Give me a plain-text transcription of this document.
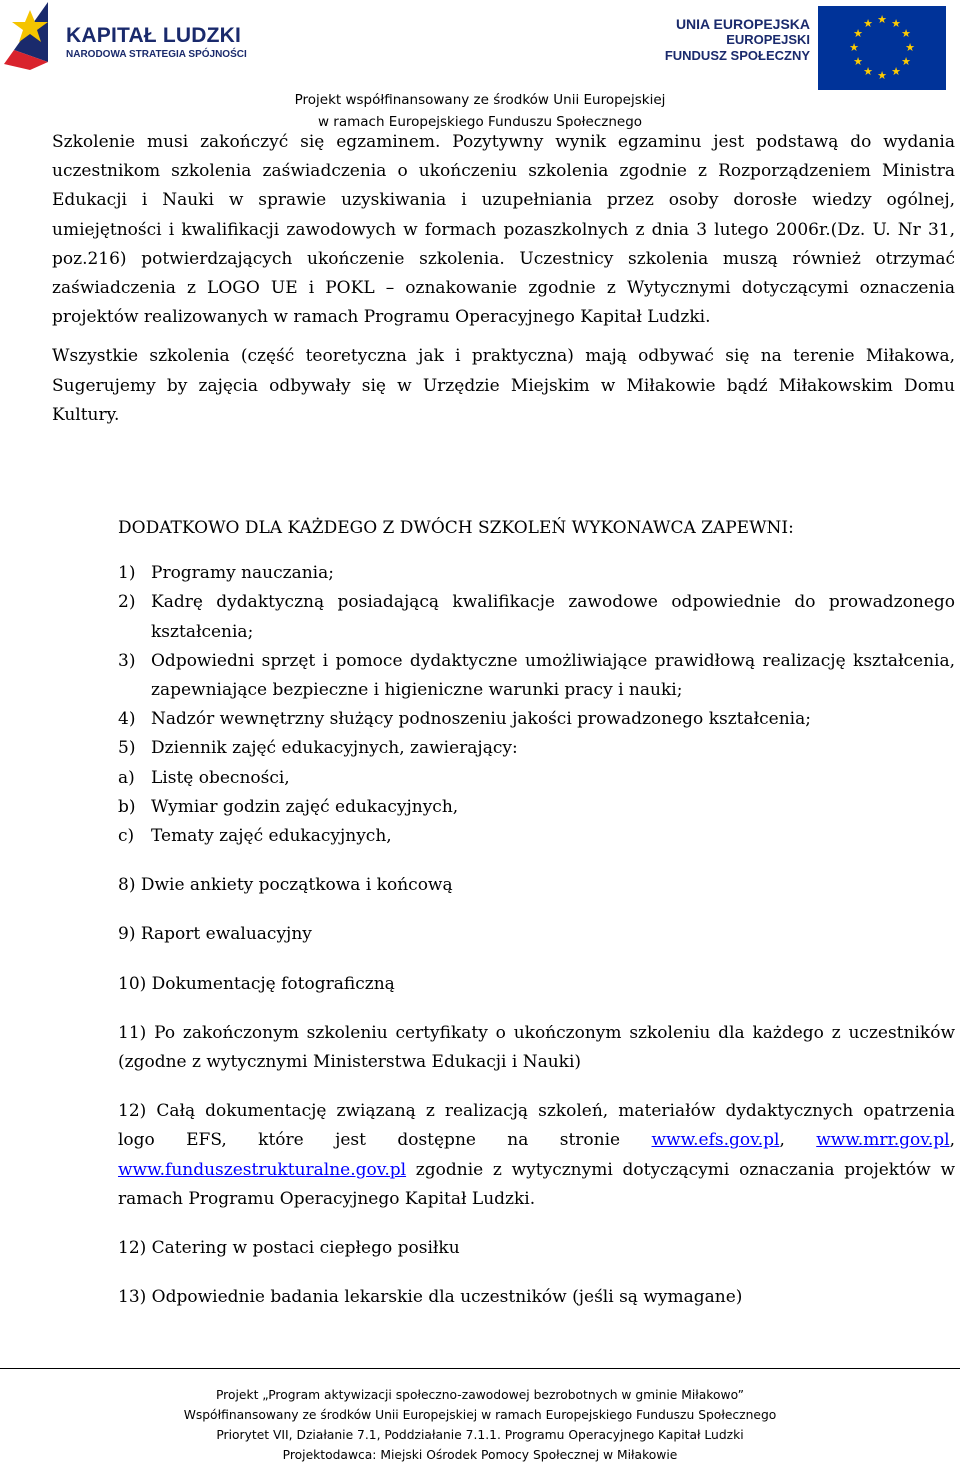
KAPITAŁ LUDZKI
NARODOWA STRATEGIA SPÓJNOŚCI
UNIA EUROPEJSKA
EUROPEJSKI
FUNDUSZ SPOŁECZNY
★ ★
★
★
★
★
★
★
★
★
★
★
Projekt współfinansowany ze środków Unii Europejskiej
w ramach Europejskiego Funduszu Społecznego

Szkolenie musi zakończyć się egzaminem. Pozytywny wynik egzaminu jest podstawą do wydania uczestnikom szkolenia zaświadczenia o ukończeniu szkolenia zgodnie z Rozporządzeniem Ministra Edukacji i Nauki w sprawie uzyskiwania i uzupełniania przez osoby dorosłe wiedzy ogólnej, umiejętności i kwalifikacji zawodowych w formach pozaszkolnych z dnia 3 lutego 2006r.(Dz. U. Nr 31, poz.216) potwierdzających ukończenie szkolenia. Uczestnicy szkolenia muszą również otrzymać zaświadczenia z LOGO UE i POKL – oznakowanie zgodnie z Wytycznymi dotyczącymi oznaczenia projektów realizowanych w ramach Programu Operacyjnego Kapitał Ludzki.

Wszystkie szkolenia (część teoretyczna jak i praktyczna) mają odbywać się na terenie Miłakowa, Sugerujemy by zajęcia odbywały się w Urzędzie Miejskim w Miłakowie bądź Miłakowskim Domu Kultury.

DODATKOWO DLA KAŻDEGO Z DWÓCH SZKOLEŃ WYKONAWCA ZAPEWNI:
1) Programy nauczania;
2) Kadrę dydaktyczną posiadającą kwalifikacje zawodowe odpowiednie do prowadzonego kształcenia;
3) Odpowiedni sprzęt i pomoce dydaktyczne umożliwiające prawidłową realizację kształcenia, zapewniające bezpieczne i higieniczne warunki pracy i nauki;
4) Nadzór wewnętrzny służący podnoszeniu jakości prowadzonego kształcenia;
5) Dziennik zajęć edukacyjnych, zawierający:
a) Listę obecności,
b) Wymiar godzin zajęć edukacyjnych,
c) Tematy zajęć edukacyjnych,
8) Dwie ankiety początkowa i końcową
9) Raport ewaluacyjny
10) Dokumentację fotograficzną
11) Po zakończonym szkoleniu certyfikaty o ukończonym szkoleniu dla każdego z uczestników (zgodne z wytycznymi Ministerstwa Edukacji i Nauki)
12) Całą dokumentację związaną z realizacją szkoleń, materiałów dydaktycznych opatrzenia logo EFS, które jest dostępne na stronie www.efs.gov.pl, www.mrr.gov.pl, www.funduszestrukturalne.gov.pl zgodnie z wytycznymi dotyczącymi oznaczania projektów w ramach Programu Operacyjnego Kapitał Ludzki.
12) Catering w postaci ciepłego posiłku
13) Odpowiednie badania lekarskie dla uczestników (jeśli są wymagane)
Projekt „Program aktywizacji społeczno-zawodowej bezrobotnych w gminie Miłakowo”
Współfinansowany ze środków Unii Europejskiej w ramach Europejskiego Funduszu Społecznego
Priorytet VII, Działanie 7.1, Poddziałanie 7.1.1. Programu Operacyjnego Kapitał Ludzki
Projektodawca: Miejski Ośrodek Pomocy Społecznej w Miłakowie
